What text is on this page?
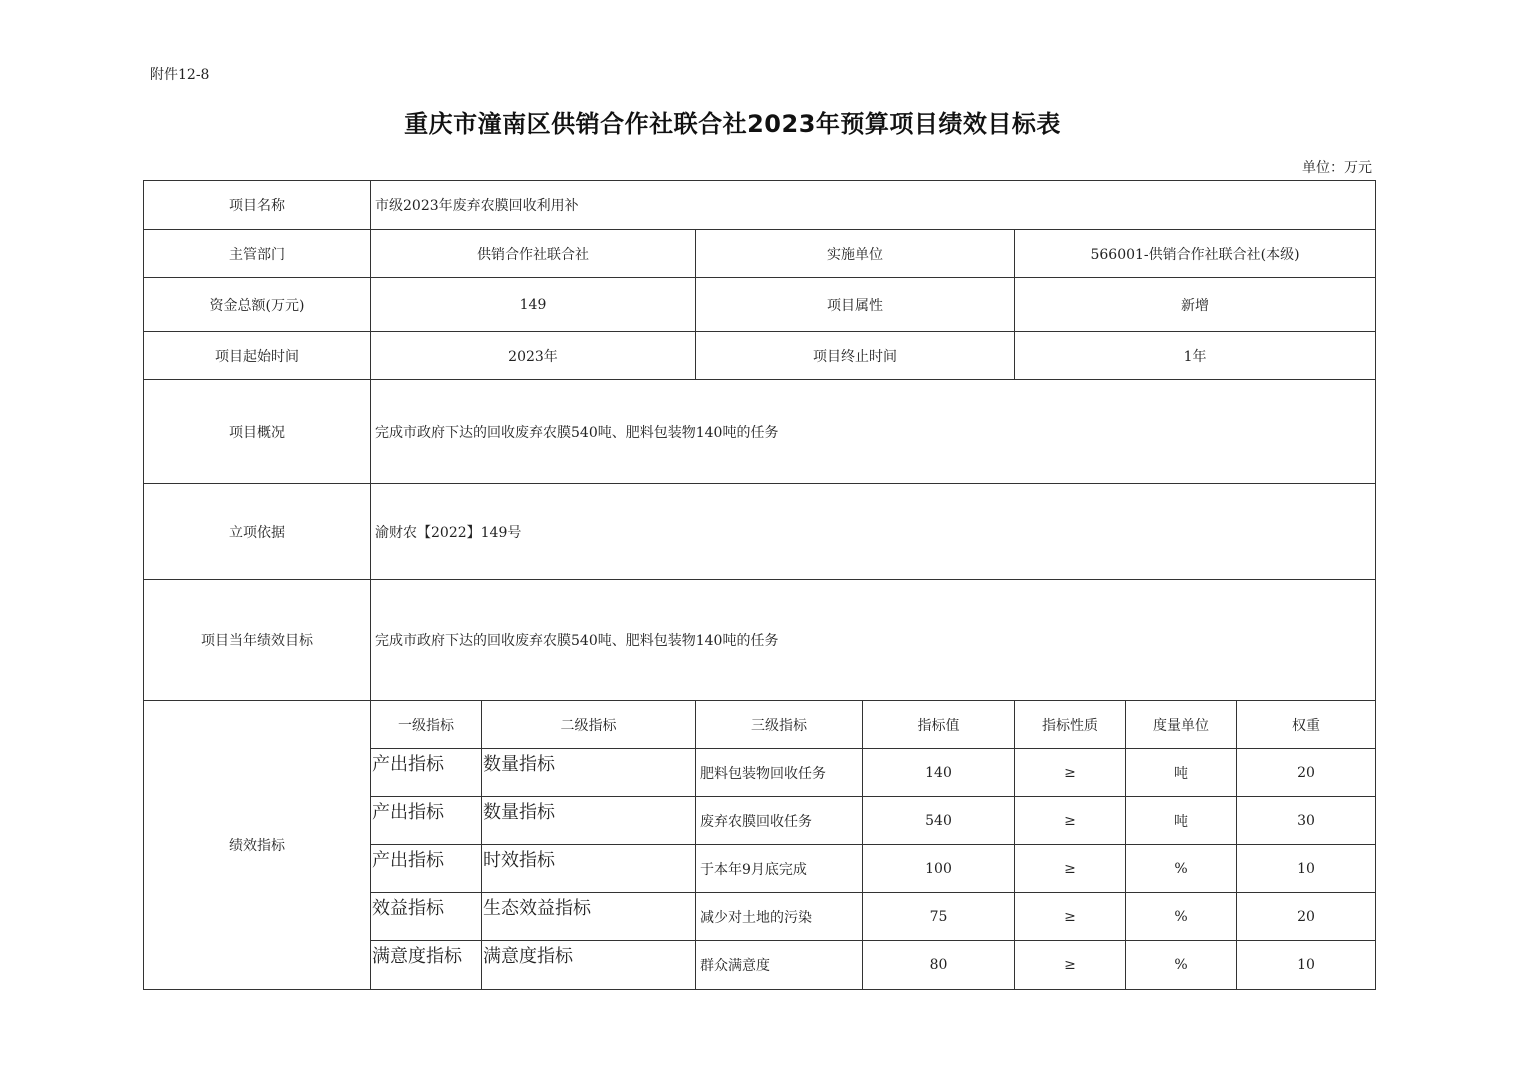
附件12-8
重庆市潼南区供销合作社联合社2023年预算项目绩效目标表
单位：万元
项目名称	市级2023年废弃农膜回收利用补						
主管部门	供销合作社联合社		实施单位		566001-供销合作社联合社(本级)		
资金总额(万元)	149		项目属性		新增		
项目起始时间	2023年		项目终止时间		1年		
项目概况	完成市政府下达的回收废弃农膜540吨、肥料包装物140吨的任务						
立项依据	渝财农【2022】149号						
项目当年绩效目标	完成市政府下达的回收废弃农膜540吨、肥料包装物140吨的任务						
绩效指标	一级指标	二级指标	三级指标	指标值	指标性质	度量单位	权重
	产出指标	数量指标	肥料包装物回收任务	140	≥	吨	20
	产出指标	数量指标	废弃农膜回收任务	540	≥	吨	30
	产出指标	时效指标	于本年9月底完成	100	≥	%	10
	效益指标	生态效益指标	减少对土地的污染	75	≥	%	20
	满意度指标	满意度指标	群众满意度	80	≥	%	10
